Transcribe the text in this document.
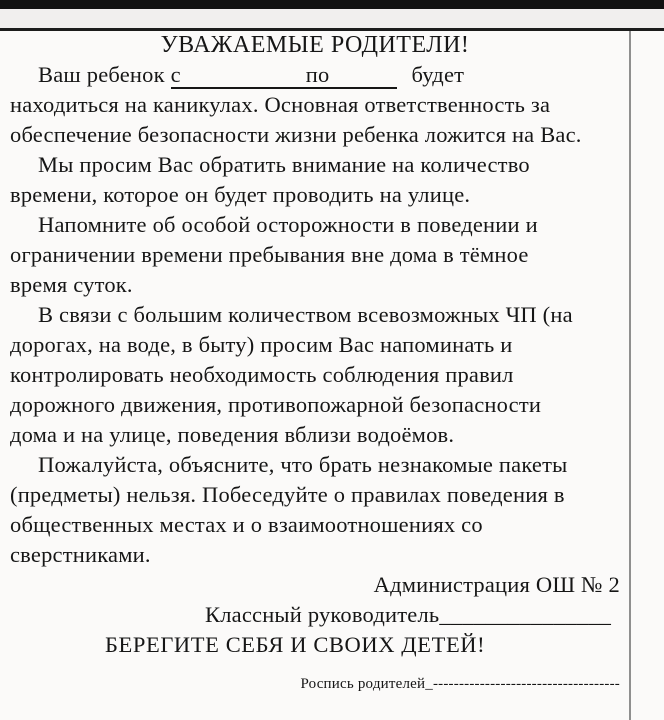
УВАЖАЕМЫЕ РОДИТЕЛИ!
Ваш ребенок с	по	будет
находиться на каникулах. Основная ответственность за
обеспечение безопасности жизни ребенка ложится на Вас.
Мы просим Вас обратить внимание на количество
времени, которое он будет проводить на улице.
Напомните об особой осторожности в поведении и
ограничении времени пребывания вне дома в тёмное
время суток.
В связи с большим количеством всевозможных ЧП (на
дорогах, на воде, в быту) просим Вас напоминать и
контролировать необходимость соблюдения правил
дорожного движения, противопожарной безопасности
дома и на улице, поведения вблизи водоёмов.
Пожалуйста, объясните, что брать незнакомые пакеты
(предметы) нельзя. Побеседуйте о правилах поведения в
общественных местах и о взаимоотношениях со
сверстниками.
Администрация ОШ № 2
Классный руководитель_______________
БЕРЕГИТЕ СЕБЯ И СВОИХ ДЕТЕЙ!
Роспись родителей_------------------------------------
